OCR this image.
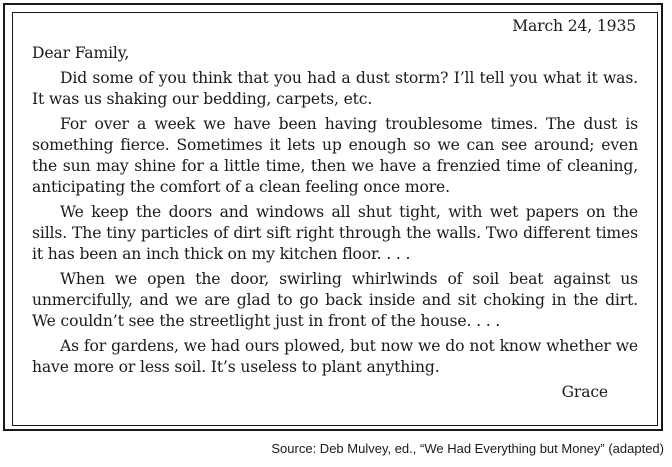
March 24, 1935

Dear Family,

Did some of you think that you had a dust storm? I’ll tell you what it was. It was us shaking our bedding, carpets, etc.

For over a week we have been having troublesome times. The dust is something fierce. Sometimes it lets up enough so we can see around; even the sun may shine for a little time, then we have a frenzied time of cleaning, anticipating the comfort of a clean feeling once more.

We keep the doors and windows all shut tight, with wet papers on the sills. The tiny particles of dirt sift right through the walls. Two different times it has been an inch thick on my kitchen floor. . . .

When we open the door, swirling whirlwinds of soil beat against us unmercifully, and we are glad to go back inside and sit choking in the dirt. We couldn’t see the streetlight just in front of the house. . . .

As for gardens, we had ours plowed, but now we do not know whether we have more or less soil. It’s useless to plant anything.

Grace

Source: Deb Mulvey, ed., “We Had Everything but Money” (adapted)
